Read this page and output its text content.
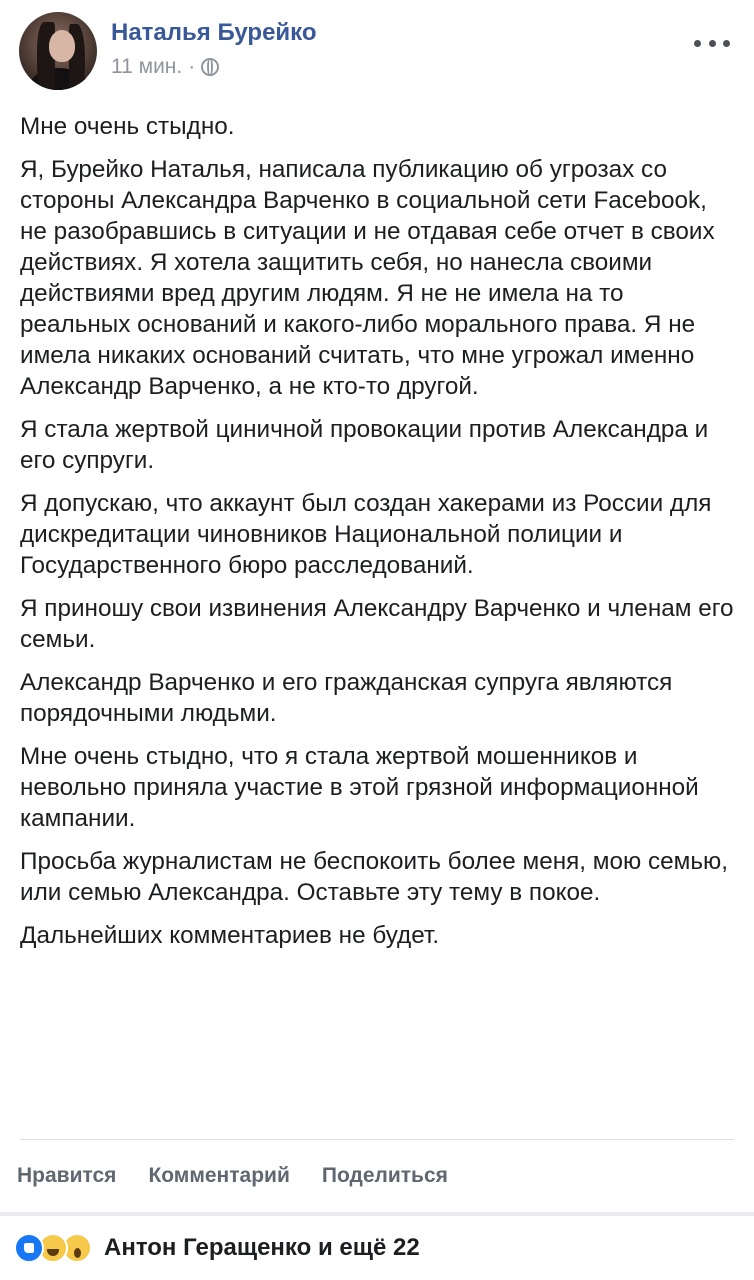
Наталья Бурейко
11 мин. ·

Мне очень стыдно.

Я, Бурейко Наталья, написала публикацию об угрозах со стороны Александра Варченко в социальной сети Facebook, не разобравшись в ситуации и не отдавая себе отчет в своих действиях. Я хотела защитить себя, но нанесла своими действиями вред другим людям. Я не не имела на то реальных оснований и какого-либо морального права. Я не имела никаких оснований считать, что мне угрожал именно Александр Варченко, а не кто-то другой.

Я стала жертвой циничной провокации против Александра и его супруги.

Я допускаю, что аккаунт был создан хакерами из России для дискредитации чиновников Национальной полиции и Государственного бюро расследований.

Я приношу свои извинения Александру Варченко и членам его семьи.

Александр Варченко и его гражданская супруга являются порядочными людьми.

Мне очень стыдно, что я стала жертвой мошенников и невольно приняла участие в этой грязной информационной кампании.

Просьба журналистам не беспокоить более меня, мою семью, или семью Александра. Оставьте эту тему в покое.

Дальнейших комментариев не будет.

Нравится Комментарий Поделиться
Антон Геращенко и ещё 22
